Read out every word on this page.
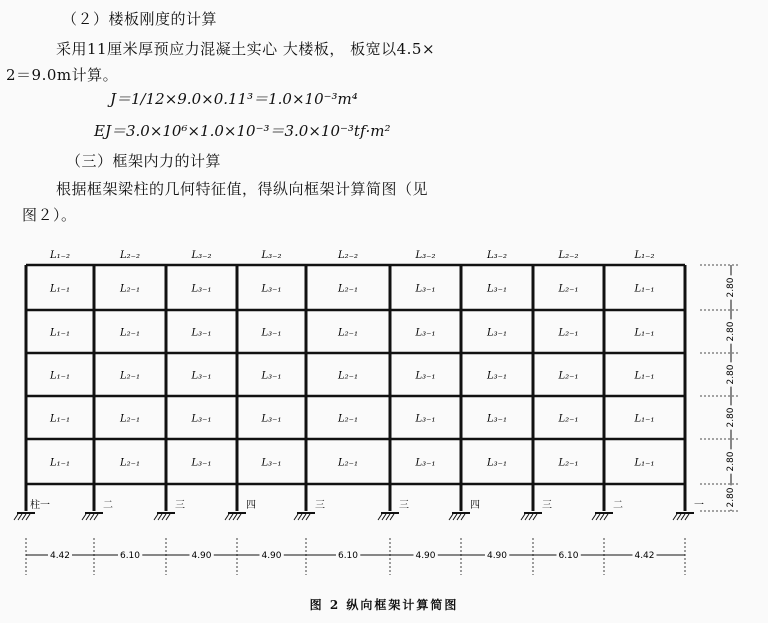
（２）楼板刚度的计算
采用11厘米厚预应力混凝土实心 大楼板， 板宽以4.5×
2＝9.0m计算。
J＝1/12×9.0×0.11³＝1.0×10⁻³m⁴
EJ＝3.0×10⁶×1.0×10⁻³＝3.0×10⁻³tf·m²
（三）框架内力的计算
根据框架梁柱的几何特征值，得纵向框架计算简图（见
图２）。
L₁₋₂	L₂₋₂	L₃₋₂	L₃₋₂	L₂₋₂	L₃₋₂	L₃₋₂	L₂₋₂	L₁₋₂
L₁₋₁	L₂₋₁	L₃₋₁	L₃₋₁	L₂₋₁	L₃₋₁	L₃₋₁	L₂₋₁	L₁₋₁
L₁₋₁	L₂₋₁	L₃₋₁	L₃₋₁	L₂₋₁	L₃₋₁	L₃₋₁	L₂₋₁	L₁₋₁
L₁₋₁	L₂₋₁	L₃₋₁	L₃₋₁	L₂₋₁	L₃₋₁	L₃₋₁	L₂₋₁	L₁₋₁
L₁₋₁	L₂₋₁	L₃₋₁	L₃₋₁	L₂₋₁	L₃₋₁	L₃₋₁	L₂₋₁	L₁₋₁
L₁₋₁	L₂₋₁	L₃₋₁	L₃₋₁	L₂₋₁	L₃₋₁	L₃₋₁	L₂₋₁	L₁₋₁
柱一	二	三	四	三	三	四	三	二	一
4.42	6.10	4.90	4.90	6.10	4.90	4.90	6.10	4.42
2.80
2.80
2.80
2.80
2.80
2.80
图 2 纵向框架计算简图
